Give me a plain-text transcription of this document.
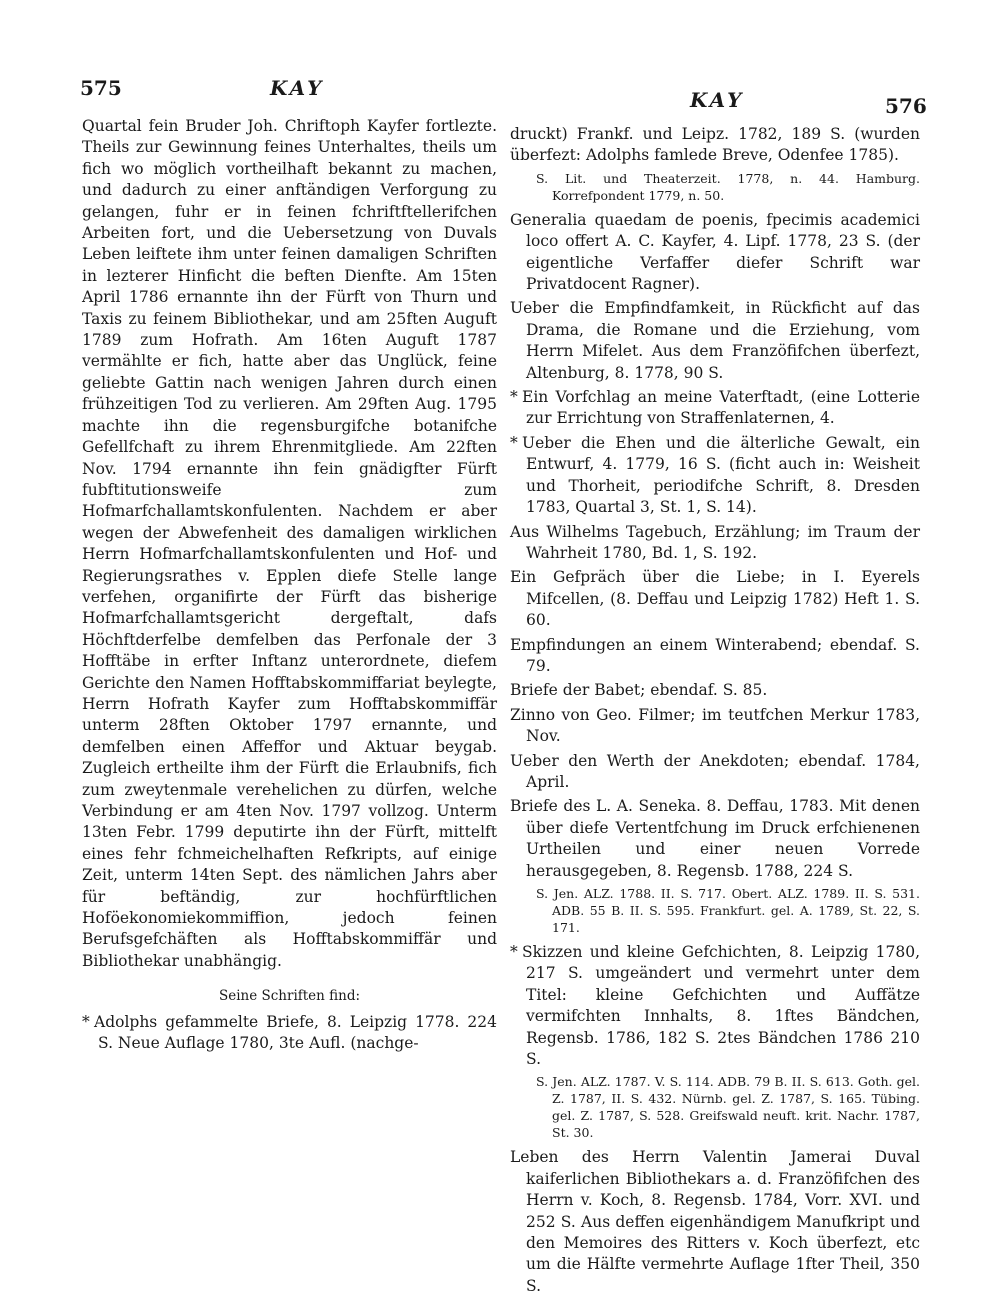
575	KAY	KAY	576

Quartal fein Bruder Joh. Chriftoph Kayfer fortlezte. Theils zur Gewinnung feines Unterhaltes, theils um fich wo möglich vortheilhaft bekannt zu machen, und dadurch zu einer anftändigen Verforgung zu gelangen, fuhr er in feinen fchriftftellerifchen Arbeiten fort, und die Uebersetzung von Duvals Leben leiftete ihm unter feinen damaligen Schriften in lezterer Hinficht die beften Dienfte. Am 15ten April 1786 ernannte ihn der Fürft von Thurn und Taxis zu feinem Bibliothekar, und am 25ften Auguft 1789 zum Hofrath. Am 16ten Auguft 1787 vermählte er fich, hatte aber das Unglück, feine geliebte Gattin nach wenigen Jahren durch einen frühzeitigen Tod zu verlieren. Am 29ften Aug. 1795 machte ihn die regensburgifche botanifche Gefellfchaft zu ihrem Ehrenmitgliede. Am 22ften Nov. 1794 ernannte ihn fein gnädigfter Fürft fubftitutionsweife zum Hofmarfchallamtskonfulenten. Nachdem er aber wegen der Abwefenheit des damaligen wirklichen Herrn Hofmarfchallamtskonfulenten und Hof- und Regierungsrathes v. Epplen diefe Stelle lange verfehen, organifirte der Fürft das bisherige Hofmarfchallamtsgericht dergeftalt, dafs Höchftderfelbe demfelben das Perfonale der 3 Hofftäbe in erfter Inftanz unterordnete, diefem Gerichte den Namen Hofftabskommiffariat beylegte, Herrn Hofrath Kayfer zum Hofftabskommiffär unterm 28ften Oktober 1797 ernannte, und demfelben einen Affeffor und Aktuar beygab. Zugleich ertheilte ihm der Fürft die Erlaubnifs, fich zum zweytenmale verehelichen zu dürfen, welche Verbindung er am 4ten Nov. 1797 vollzog. Unterm 13ten Febr. 1799 deputirte ihn der Fürft, mittelft eines fehr fchmeichelhaften Refkripts, auf einige Zeit, unterm 14ten Sept. des nämlichen Jahrs aber für beftändig, zur hochfürftlichen Hoföekonomiekommiffion, jedoch feinen Berufsgefchäften als Hofftabskommiffär und Bibliothekar unabhängig.

Seine Schriften find:

* Adolphs gefammelte Briefe, 8. Leipzig 1778. 224 S. Neue Auflage 1780, 3te Aufl. (nachge-

druckt) Frankf. und Leipz. 1782, 189 S. (wurden überfezt: Adolphs famlede Breve, Odenfee 1785).

S. Lit. und Theaterzeit. 1778, n. 44. Hamburg. Korrefpondent 1779, n. 50.

Generalia quaedam de poenis, fpecimis academici loco offert A. C. Kayfer, 4. Lipf. 1778, 23 S. (der eigentliche Verfaffer diefer Schrift war Privatdocent Ragner).

Ueber die Empfindfamkeit, in Rückficht auf das Drama, die Romane und die Erziehung, vom Herrn Mifelet. Aus dem Franzöfifchen überfezt, Altenburg, 8. 1778, 90 S.

* Ein Vorfchlag an meine Vaterftadt, (eine Lotterie zur Errichtung von Straffenlaternen, 4.

* Ueber die Ehen und die älterliche Gewalt, ein Entwurf, 4. 1779, 16 S. (ficht auch in: Weisheit und Thorheit, periodifche Schrift, 8. Dresden 1783, Quartal 3, St. 1, S. 14).

Aus Wilhelms Tagebuch, Erzählung; im Traum der Wahrheit 1780, Bd. 1, S. 192.

Ein Gefpräch über die Liebe; in I. Eyerels Mifcellen, (8. Deffau und Leipzig 1782) Heft 1. S. 60.

Empfindungen an einem Winterabend; ebendaf. S. 79.

Briefe der Babet; ebendaf. S. 85.

Zinno von Geo. Filmer; im teutfchen Merkur 1783, Nov.

Ueber den Werth der Anekdoten; ebendaf. 1784, April.

Briefe des L. A. Seneka. 8. Deffau, 1783. Mit denen über diefe Vertentfchung im Druck erfchienenen Urtheilen und einer neuen Vorrede herausgegeben, 8. Regensb. 1788, 224 S.

S. Jen. ALZ. 1788. II. S. 717. Obert. ALZ. 1789. II. S. 531. ADB. 55 B. II. S. 595. Frankfurt. gel. A. 1789, St. 22, S. 171.

* Skizzen und kleine Gefchichten, 8. Leipzig 1780, 217 S. umgeändert und vermehrt unter dem Titel: kleine Gefchichten und Auffätze vermifchten Innhalts, 8. 1ftes Bändchen, Regensb. 1786, 182 S. 2tes Bändchen 1786 210 S.

S. Jen. ALZ. 1787. V. S. 114. ADB. 79 B. II. S. 613. Goth. gel. Z. 1787, II. S. 432. Nürnb. gel. Z. 1787, S. 165. Tübing. gel. Z. 1787, S. 528. Greifswald neuft. krit. Nachr. 1787, St. 30.

Leben des Herrn Valentin Jamerai Duval kaiferlichen Bibliothekars a. d. Franzöfifchen des Herrn v. Koch, 8. Regensb. 1784, Vorr. XVI. und 252 S. Aus deffen eigenhändigem Manufkript und den Memoires des Ritters v. Koch überfezt, etc um die Hälfte vermehrte Auflage 1fter Theil, 350 S.
